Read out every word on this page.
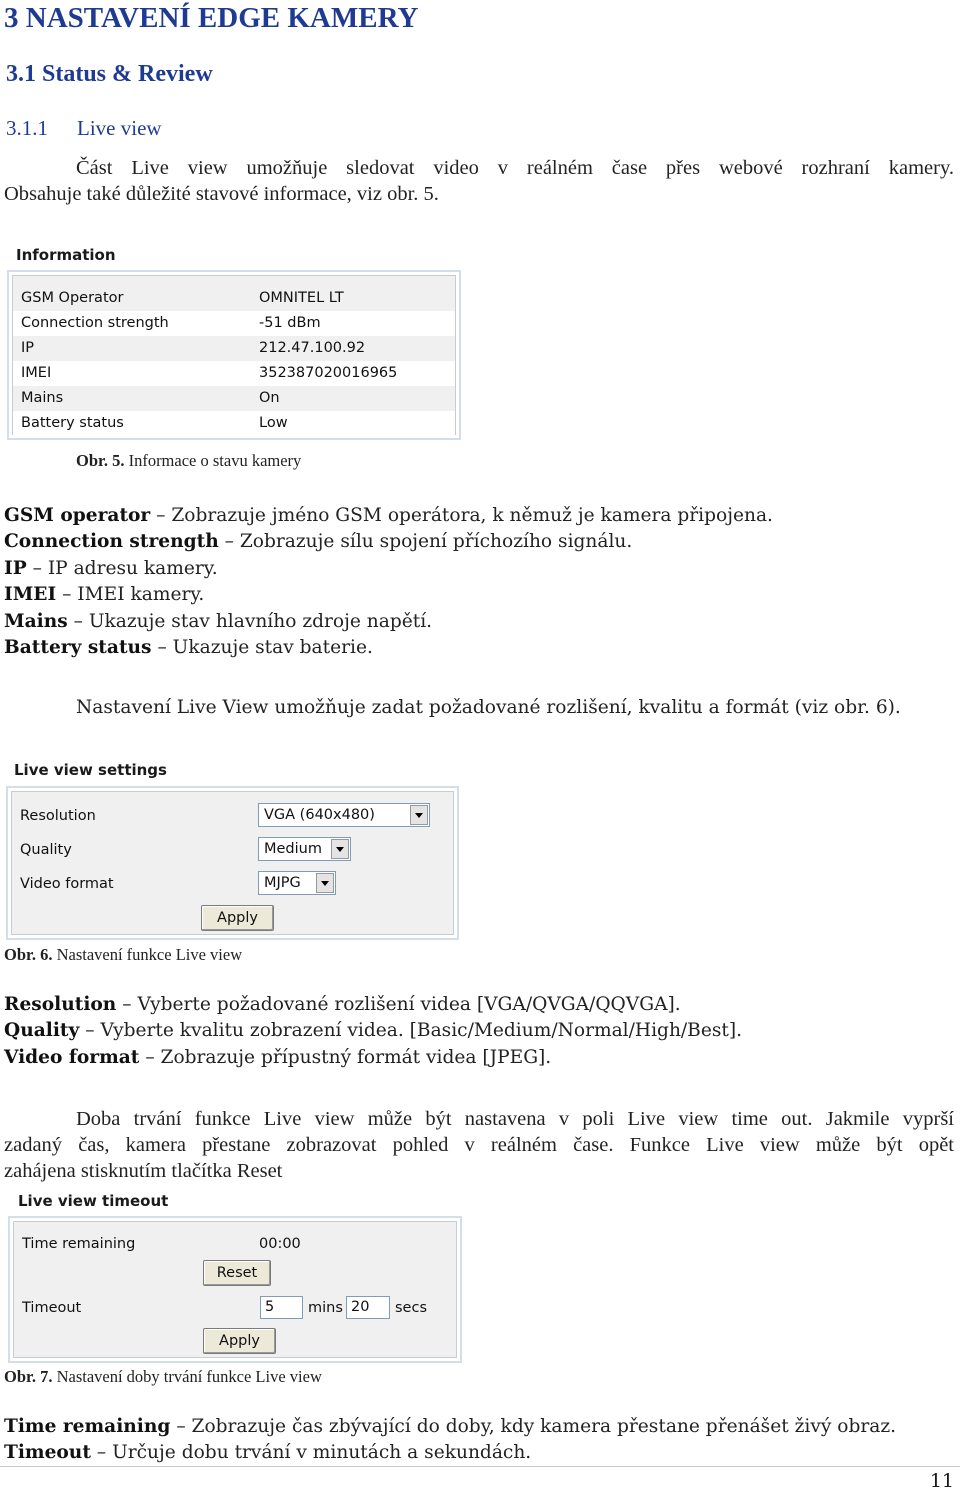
3 NASTAVENÍ EDGE KAMERY
3.1 Status & Review
3.1.1 Live view
Část Live view umožňuje sledovat video v reálném čase přes webové rozhraní kamery.
Obsahuje také důležité stavové informace, viz obr. 5.
Information
GSM Operator	OMNITEL LT
Connection strength	-51 dBm
IP	212.47.100.92
IMEI	352387020016965
Mains	On
Battery status	Low
Obr. 5. Informace o stavu kamery
GSM operator – Zobrazuje jméno GSM operátora, k němuž je kamera připojena.
Connection strength – Zobrazuje sílu spojení příchozího signálu.
IP – IP adresu kamery.
IMEI – IMEI kamery.
Mains – Ukazuje stav hlavního zdroje napětí.
Battery status – Ukazuje stav baterie.
Nastavení Live View umožňuje zadat požadované rozlišení, kvalitu a formát (viz obr. 6).
Live view settings
Resolution	VGA (640x480)
Quality	Medium
Video format	MJPG
Apply
Obr. 6. Nastavení funkce Live view
Resolution – Vyberte požadované rozlišení videa [VGA/QVGA/QQVGA].
Quality – Vyberte kvalitu zobrazení videa. [Basic/Medium/Normal/High/Best].
Video format – Zobrazuje přípustný formát videa [JPEG].
Doba trvání funkce Live view může být nastavena v poli Live view time out. Jakmile vyprší
zadaný čas, kamera přestane zobrazovat pohled v reálném čase. Funkce Live view může být opět
zahájena stisknutím tlačítka Reset
Live view timeout
Time remaining	00:00
Reset
Timeout	5	mins 20	secs
Apply
Obr. 7. Nastavení doby trvání funkce Live view
Time remaining – Zobrazuje čas zbývající do doby, kdy kamera přestane přenášet živý obraz.
Timeout – Určuje dobu trvání v minutách a sekundách.
11
